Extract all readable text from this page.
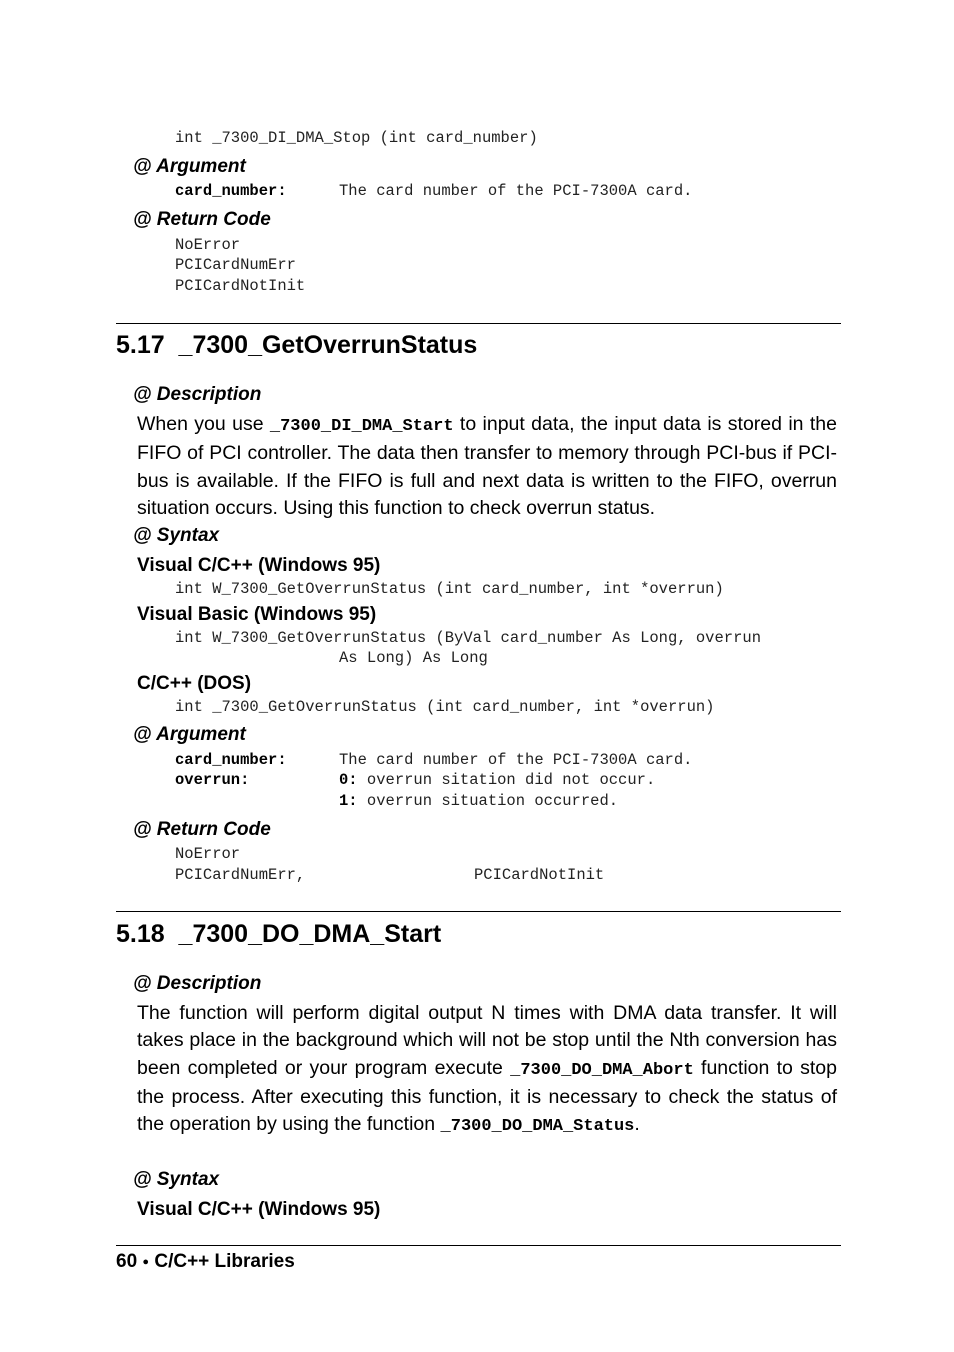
int _7300_DI_DMA_Stop (int card_number)
@ Argument
card_number:	The card number of the PCI-7300A card.
@ Return Code
NoError
PCICardNumErr
PCICardNotInit
5.17  _7300_GetOverrunStatus
@ Description
When you use _7300_DI_DMA_Start to input data, the input data is stored in the FIFO of PCI controller. The data then transfer to memory through PCI-bus if PCI-bus is available. If the FIFO is full and next data is written to the FIFO, overrun situation occurs. Using this function to check overrun status.
@ Syntax
Visual C/C++ (Windows 95)
int W_7300_GetOverrunStatus (int card_number, int *overrun)
Visual Basic (Windows 95)
int W_7300_GetOverrunStatus (ByVal card_number As Long, overrun
As Long) As Long
C/C++ (DOS)
int _7300_GetOverrunStatus (int card_number, int *overrun)
@ Argument
card_number:	The card number of the PCI-7300A card.
overrun:	0: overrun sitation did not occur.
1: overrun situation occurred.
@ Return Code
NoError
PCICardNumErr,	PCICardNotInit
5.18  _7300_DO_DMA_Start
@ Description
The function will perform digital output N times with DMA data transfer. It will takes place in the background which will not be stop until the Nth conversion has been completed or your program execute _7300_DO_DMA_Abort function to stop the process. After executing this function, it is necessary to check the status of the operation by using the function _7300_DO_DMA_Status.
@ Syntax
Visual C/C++ (Windows 95)
60 ● C/C++ Libraries
